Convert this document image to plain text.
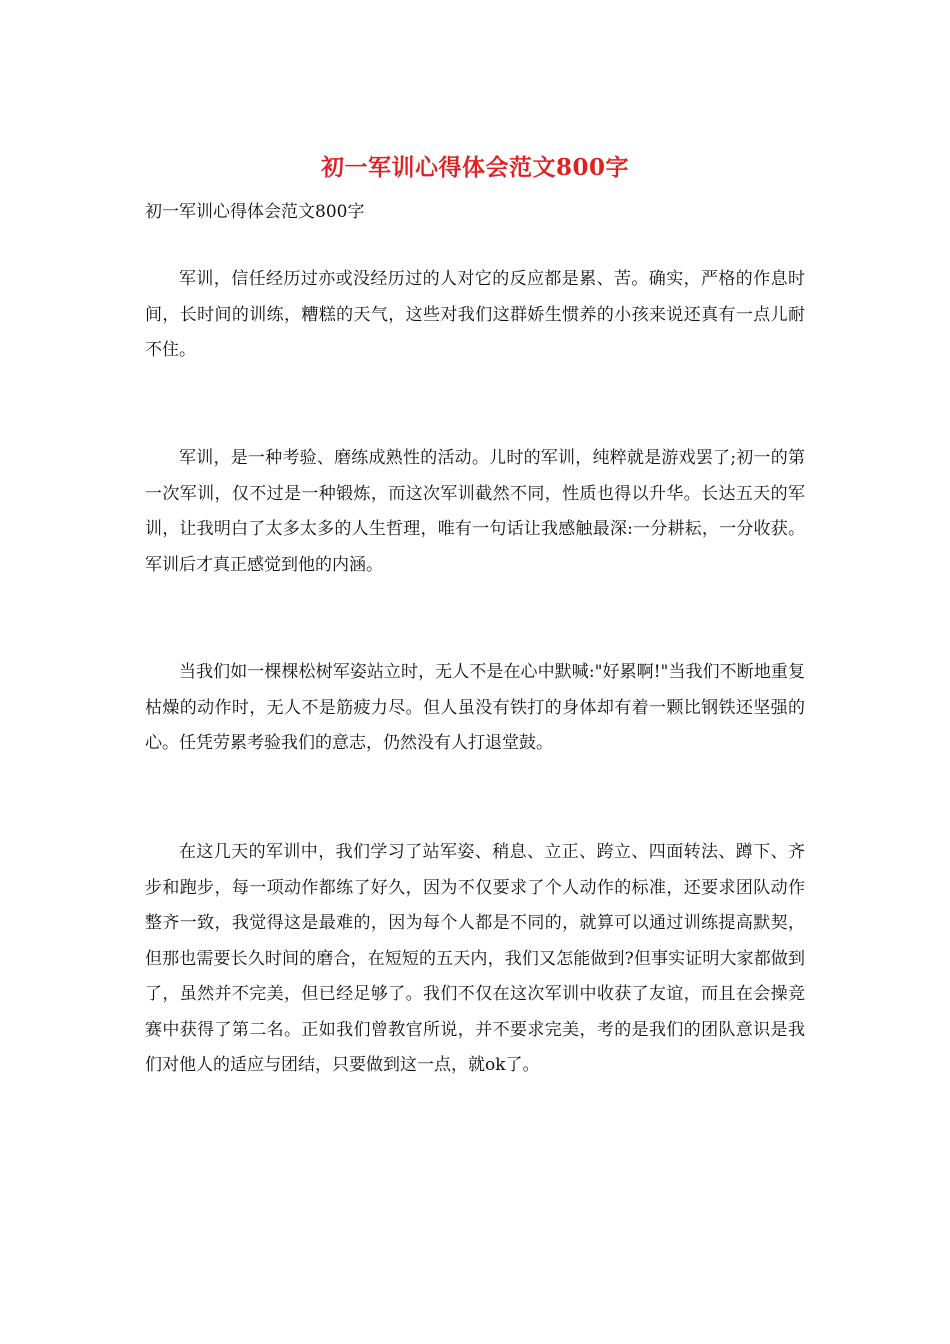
初一军训心得体会范文800字
初一军训心得体会范文800字

军训，信任经历过亦或没经历过的人对它的反应都是累、苦。确实，严格的作息时间，长时间的训练，糟糕的天气，这些对我们这群娇生惯养的小孩来说还真有一点儿耐不住。

军训，是一种考验、磨练成熟性的活动。儿时的军训，纯粹就是游戏罢了;初一的第一次军训，仅不过是一种锻炼，而这次军训截然不同，性质也得以升华。长达五天的军训，让我明白了太多太多的人生哲理，唯有一句话让我感触最深:一分耕耘，一分收获。军训后才真正感觉到他的内涵。

当我们如一棵棵松树军姿站立时，无人不是在心中默喊:"好累啊!"当我们不断地重复枯燥的动作时，无人不是筋疲力尽。但人虽没有铁打的身体却有着一颗比钢铁还坚强的心。任凭劳累考验我们的意志，仍然没有人打退堂鼓。

在这几天的军训中，我们学习了站军姿、稍息、立正、跨立、四面转法、蹲下、齐步和跑步，每一项动作都练了好久，因为不仅要求了个人动作的标准，还要求团队动作整齐一致，我觉得这是最难的，因为每个人都是不同的，就算可以通过训练提高默契，但那也需要长久时间的磨合，在短短的五天内，我们又怎能做到?但事实证明大家都做到了，虽然并不完美，但已经足够了。我们不仅在这次军训中收获了友谊，而且在会操竞赛中获得了第二名。正如我们曾教官所说，并不要求完美，考的是我们的团队意识是我们对他人的适应与团结，只要做到这一点，就ok了。
